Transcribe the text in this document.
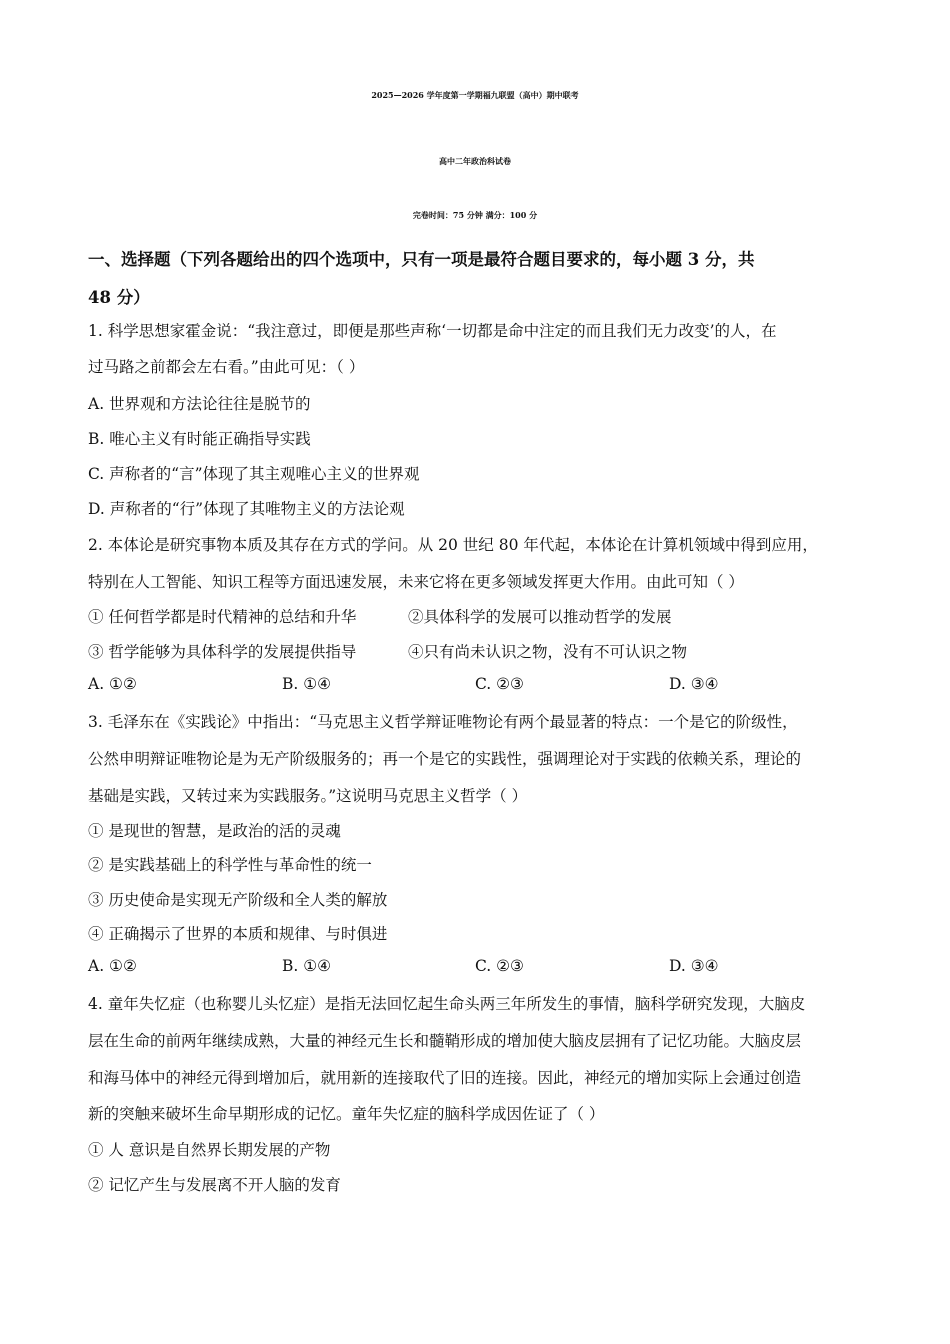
2025—2026 学年度第一学期福九联盟（高中）期中联考
高中二年政治科试卷
完卷时间：75 分钟 满分：100 分
一、选择题（下列各题给出的四个选项中，只有一项是最符合题目要求的，每小题 3 分，共
48 分）
1. 科学思想家霍金说：“我注意过，即便是那些声称‘一切都是命中注定的而且我们无力改变’的人，在
过马路之前都会左右看。”由此可见：（ ）
A. 世界观和方法论往往是脱节的
B. 唯心主义有时能正确指导实践
C. 声称者的“言”体现了其主观唯心主义的世界观
D. 声称者的“行”体现了其唯物主义的方法论观
2. 本体论是研究事物本质及其存在方式的学问。从 20 世纪 80 年代起，本体论在计算机领域中得到应用，
特别在人工智能、知识工程等方面迅速发展，未来它将在更多领域发挥更大作用。由此可知（ ）
① 任何哲学都是时代精神的总结和升华	②具体科学的发展可以推动哲学的发展
③ 哲学能够为具体科学的发展提供指导	④只有尚未认识之物，没有不可认识之物
A. ①②	B. ①④	C. ②③	D. ③④
3. 毛泽东在《实践论》中指出：“马克思主义哲学辩证唯物论有两个最显著的特点：一个是它的阶级性，
公然申明辩证唯物论是为无产阶级服务的；再一个是它的实践性，强调理论对于实践的依赖关系，理论的
基础是实践，又转过来为实践服务。”这说明马克思主义哲学（ ）
① 是现世的智慧，是政治的活的灵魂
② 是实践基础上的科学性与革命性的统一
③ 历史使命是实现无产阶级和全人类的解放
④ 正确揭示了世界的本质和规律、与时俱进
A. ①②	B. ①④	C. ②③	D. ③④
4. 童年失忆症（也称婴儿头忆症）是指无法回忆起生命头两三年所发生的事情，脑科学研究发现，大脑皮
层在生命的前两年继续成熟，大量的神经元生长和髓鞘形成的增加使大脑皮层拥有了记忆功能。大脑皮层
和海马体中的神经元得到增加后，就用新的连接取代了旧的连接。因此，神经元的增加实际上会通过创造
新的突触来破坏生命早期形成的记忆。童年失忆症的脑科学成因佐证了（ ）
① 人 意识是自然界长期发展的产物
② 记忆产生与发展离不开人脑的发育
